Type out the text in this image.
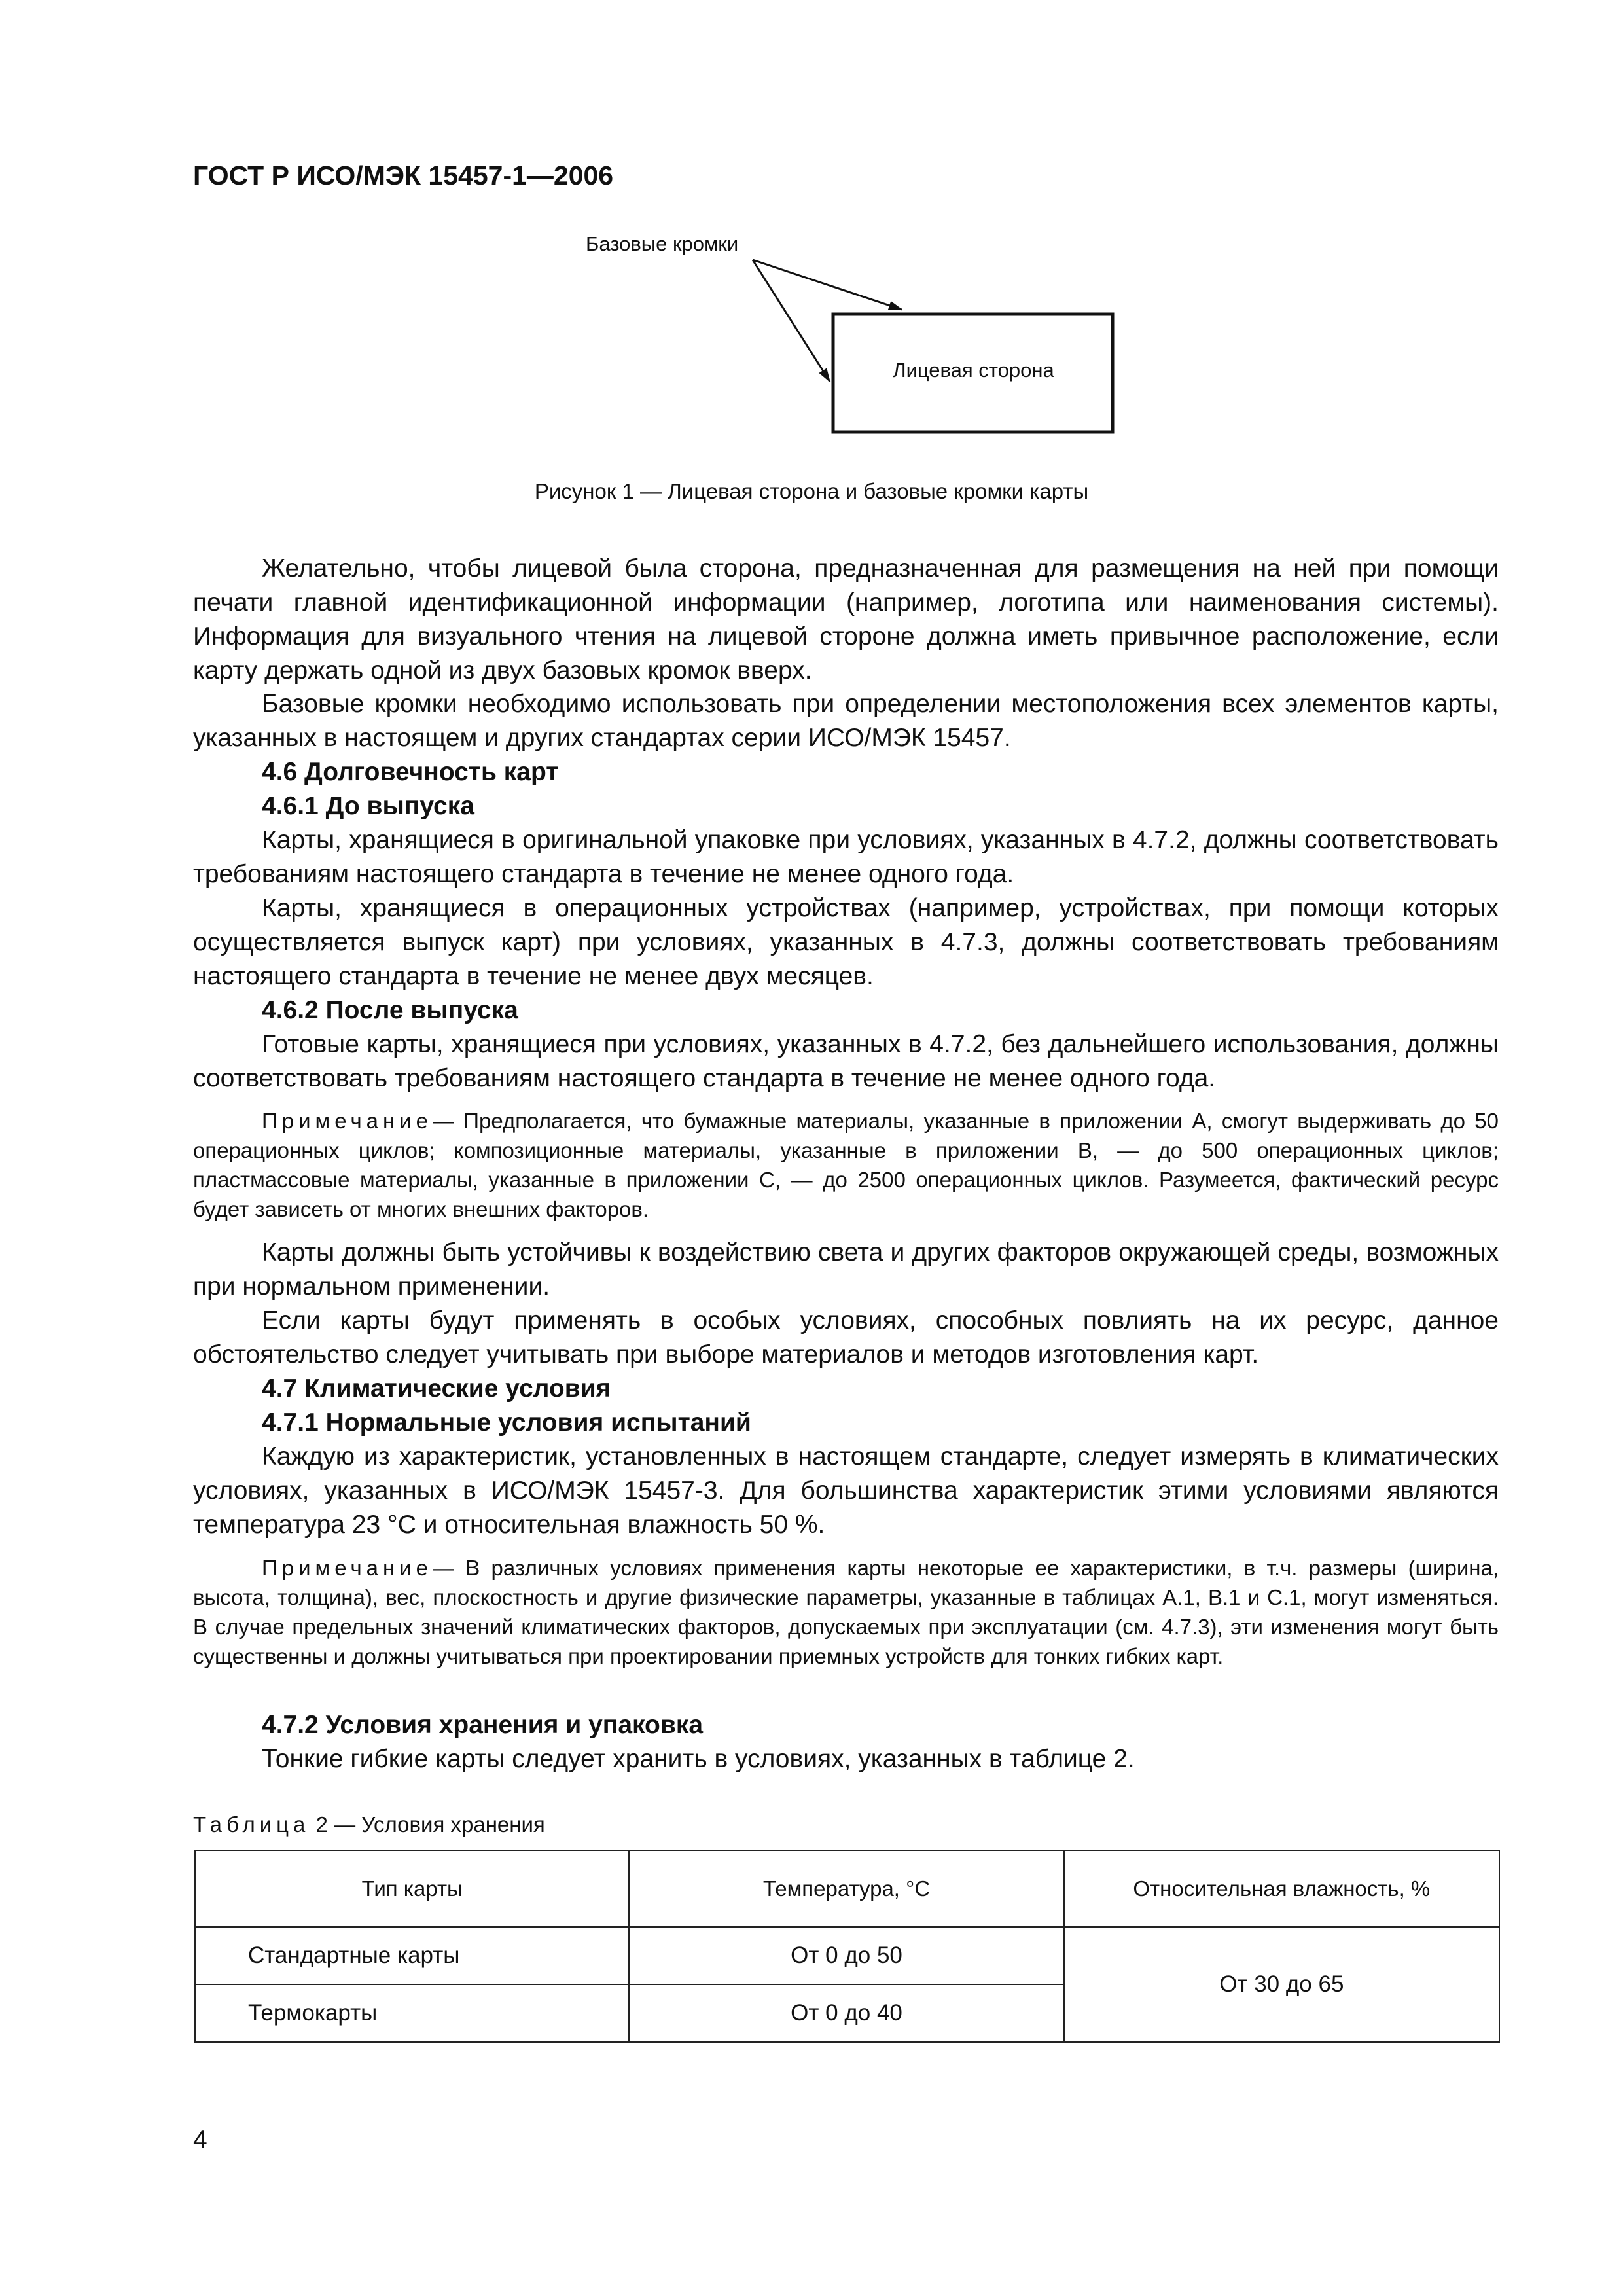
ГОСТ Р ИСО/МЭК 15457-1—2006
Базовые кромки
Лицевая сторона
Рисунок 1 — Лицевая сторона и базовые кромки карты

Желательно, чтобы лицевой была сторона, предназначенная для размещения на ней при помощи печати главной идентификационной информации (например, логотипа или наименования системы). Информация для визуального чтения на лицевой стороне должна иметь привычное расположение, если карту держать одной из двух базовых кромок вверх.

Базовые кромки необходимо использовать при определении местоположения всех элементов карты, указанных в настоящем и других стандартах серии ИСО/МЭК 15457.

4.6 Долговечность карт

4.6.1 До выпуска

Карты, хранящиеся в оригинальной упаковке при условиях, указанных в 4.7.2, должны соответствовать требованиям настоящего стандарта в течение не менее одного года.

Карты, хранящиеся в операционных устройствах (например, устройствах, при помощи которых осуществляется выпуск карт) при условиях, указанных в 4.7.3, должны соответствовать требованиям настоящего стандарта в течение не менее двух месяцев.

4.6.2 После выпуска

Готовые карты, хранящиеся при условиях, указанных в 4.7.2, без дальнейшего использования, должны соответствовать требованиям настоящего стандарта в течение не менее одного года.

Примечание— Предполагается, что бумажные материалы, указанные в приложении А, смогут выдерживать до 50 операционных циклов; композиционные материалы, указанные в приложении В, — до 500 операционных циклов; пластмассовые материалы, указанные в приложении С, — до 2500 операционных циклов. Разумеется, фактический ресурс будет зависеть от многих внешних факторов.

Карты должны быть устойчивы к воздействию света и других факторов окружающей среды, возможных при нормальном применении.

Если карты будут применять в особых условиях, способных повлиять на их ресурс, данное обстоятельство следует учитывать при выборе материалов и методов изготовления карт.

4.7 Климатические условия

4.7.1 Нормальные условия испытаний

Каждую из характеристик, установленных в настоящем стандарте, следует измерять в климатических условиях, указанных в ИСО/МЭК 15457-3. Для большинства характеристик этими условиями являются температура 23 °С и относительная влажность 50 %.

Примечание— В различных условиях применения карты некоторые ее характеристики, в т.ч. размеры (ширина, высота, толщина), вес, плоскостность и другие физические параметры, указанные в таблицах А.1, В.1 и С.1, могут изменяться. В случае предельных значений климатических факторов, допускаемых при эксплуатации (см. 4.7.3), эти изменения могут быть существенны и должны учитываться при проектировании приемных устройств для тонких гибких карт.

4.7.2 Условия хранения и упаковка

Тонкие гибкие карты следует хранить в условиях, указанных в таблице 2.

Таблица 2 — Условия хранения
Тип карты	Температура, °С	Относительная влажность, %
Стандартные карты	От 0 до 50	От 30 до 65
Термокарты	От 0 до 40	
4
